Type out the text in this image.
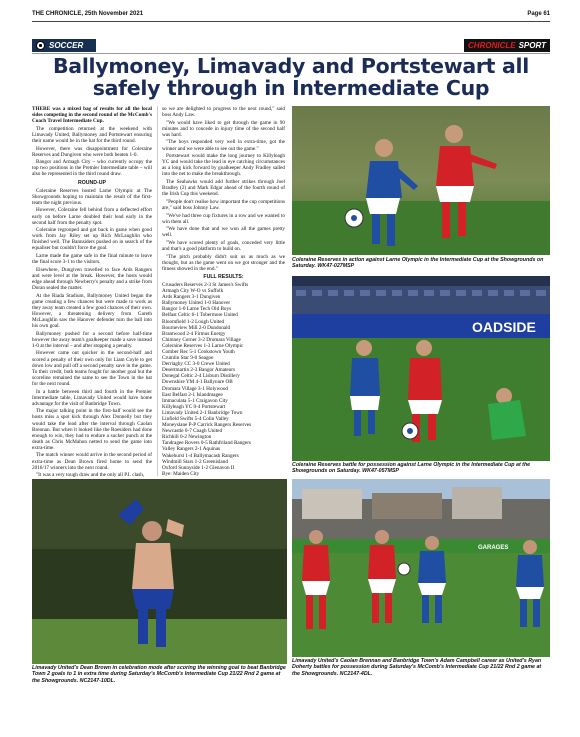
THE CHRONICLE, 25th November 2021	Page 61
SOCCER	CHRONICLE SPORT
Ballymoney, Limavady and Portstewart all safely through in Intermediate Cup

THERE was a mixed bag of results for all the local sides competing in the second round of the McComb's Coach Travel Intermediate Cup.

The competition returned at the weekend with Limavady United, Ballymoney and Portstewart ensuring their name would be in the hat for the third round.

However, there was disappointment for Coleraine Reserves and Dungiven who were both beaten 1-0.

Bangor and Armagh City – who currently occupy the top two positions in the Premier Intermediate table – will also be represented in the third round draw.

ROUND-UP

Coleraine Reserves hosted Larne Olympic at The Showgrounds hoping to maintain the result of the first-team the night previous.

However, Coleraine fell behind from a deflected effort early on before Larne doubled their lead early in the second half from the penalty spot.

Coleraine regrouped and got back in game when good work from Jay Riley set up Rich McLaughlin who finished well. The Bannsiders pushed on in search of the equaliser but couldn't force the goal.

Larne made the game safe in the final minute to leave the final score 3-1 to the visitors.

Elsewhere, Dungiven travelled to face Ards Rangers and were level at the break. However, the hosts would edge ahead through Newberry's penalty and a strike from Doran sealed the matter.

At the Riada Stadium, Ballymoney United began the game creating a few chances but were made to work as they away team created a few good chances of their own. However, a threatening delivery from Gareth McLaughlin saw the Hanover defender turn the ball into his own goal.

Ballymoney pushed for a second before half-time however the away team's goalkeeper made a save instead 1-0 at the interval – and after stopping a penalty.

However came out quicker in the second-half and scored a penalty of their own only for Liam Coyle to get down low and pull off a second penalty save in the game. To their credit, both teams fought for another goal but the scoreline remained the same to see the Town in the hat for the next round.

In a battle between third and fourth in the Premier Intermediate table, Limavady United would have home advantage for the visit of Banbridge Town.

The major talking point in the first-half would see the hosts miss a spot kick through Alex Donnelly but they would take the lead after the interval through Caolan Brennan. But when it looked like the Roesiders had done enough to win, they had to endure a sucker punch at the death as Chris McMahon netted to send the game into extra-time.

The match winner would arrive in the second period of extra-time as Dean Brown fired home to send the 2016/17 winners into the next round.

"It was a very tough draw and the only all P.I. clash,

so we are delighted to progress to the next round," said boss Andy Law.

"We would have liked to get through the game in 90 minutes and to concede in injury time of the second half was hard.

"The boys responded very well in extra-time, got the winner and we were able to see out the game."

Portstewart would make the long journey to Killyleagh YC and would take the lead in eye catching circumstances as a long kick forward by goalkeeper Andy Fradley sailed into the net to make the breakthrough.

The Seahawks would add further strikes through Joel Bradley (2) and Mark Edgar ahead of the fourth round of the Irish Cup this weekend.

"People don't realise how important the cup competitions are," said boss Johnny Law.

"We've had three cup fixtures in a row and we wanted to win them all.

"We have done that and we won all the games pretty well.

"We have scored plenty of goals, conceded very little and that's a good platform to build on.

"The pitch probably didn't suit us as much as we thought, but as the game went on we got stronger and the fitness showed in the end."

FULL RESULTS:
Crusaders Reserves 2-3 St James's Swifts
Armagh City W-O vs Suffolk
Ards Rangers 3-1 Dungiven
Ballymoney United 1-0 Hanover
Bangor 1-0 Larne Tech Old Boys
Belfast Celtic 6-1 Tobermore United
Bloomfield 1-2 Lough United
Bourneview Mill 2-0 Dundonald
Brantwood 2-4 Firmus Energy
Chimney Corner 3-2 Dromara Village
Coleraine Reserves 1-3 Larne Olympic
Comber Rec 5-1 Cookstown Youth
Crumlin Star 9-0 Seagoe
Derriaghy CC 3-0 Crewe United
Desertmartin 2-3 Bangor Amateurs
Donegal Celtic 2-4 Lisburn Distillery
Downshire YM 4-1 Ballynure OB
Dromara Village 3-1 Holywood
East Belfast 2-1 Islandmagee
Immaculata 5-1 Craigavon City
Killyleagh YC 0-4 Portstewart
Limavady United 2-1 Banbridge Town
Linfield Swifts 5-4 Colin Valley
Moneyslane P-P Carrick Rangers Reserves
Newcastle 0-7 Coagh United
Richhill 0-2 Newington
Tandragee Rovers 0-5 Rathfriland Rangers
Valley Rangers 2-1 Aquinas
Wakehurst 1-4 Ballymacash Rangers
Windmill Stars 1-2 Greenisland
Oxford Sunnyside 1-2 Glenavon II
Bye: Maiden City
Coleraine Reserves in action against Larne Olympic in the Intermediate Cup at the Showgrounds on Saturday. WK47-027MSP
OADSIDE
Coleraine Reserves battle for possession against Larne Olympic in the Intermediate Cup at the Showgrounds on Saturday. WK47-057MSP
Limavady United's Dean Brown in celebration mode after scoring the winning goal to beat Banbridge Town 2 goals to 1 in extra time during Saturday's McComb's Intermediate Cup 21/22 Rnd 2 game at the Showgrounds. NC2147-10DL.
GARAGES
Limavady United's Caolan Brennan and Banbridge Town's Adam Campbell career as United's Ryan Doherty battles for possession during Saturday's McComb's Intermediate Cup 21/22 Rnd 2 game at the Showgrounds. NC2147-4DL.
